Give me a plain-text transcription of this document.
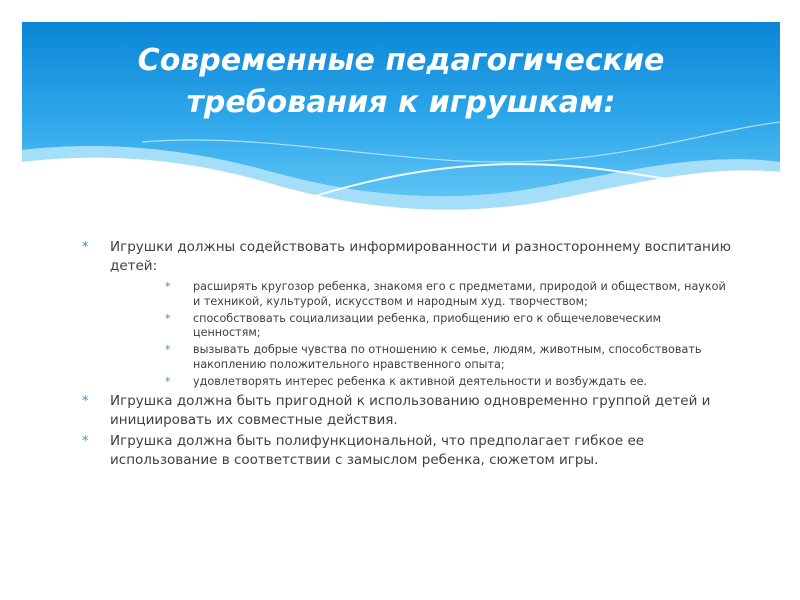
Современные педагогические
требования к игрушкам:
* Игрушки должны содействовать информированности и разностороннему воспитанию детей:
* расширять кругозор ребенка, знакомя его с предметами, природой и обществом, наукой и техникой, культурой, искусством и народным худ. творчеством;
* способствовать социализации ребенка, приобщению его к общечеловеческим ценностям;
* вызывать добрые чувства по отношению к семье, людям, животным, способствовать накоплению положительного нравственного опыта;
* удовлетворять интерес ребенка к активной деятельности и возбуждать ее.
* Игрушка должна быть пригодной к использованию одновременно группой детей и инициировать их совместные действия.
* Игрушка должна быть полифункциональной, что предполагает гибкое ее использование в соответствии с замыслом ребенка, сюжетом игры.
